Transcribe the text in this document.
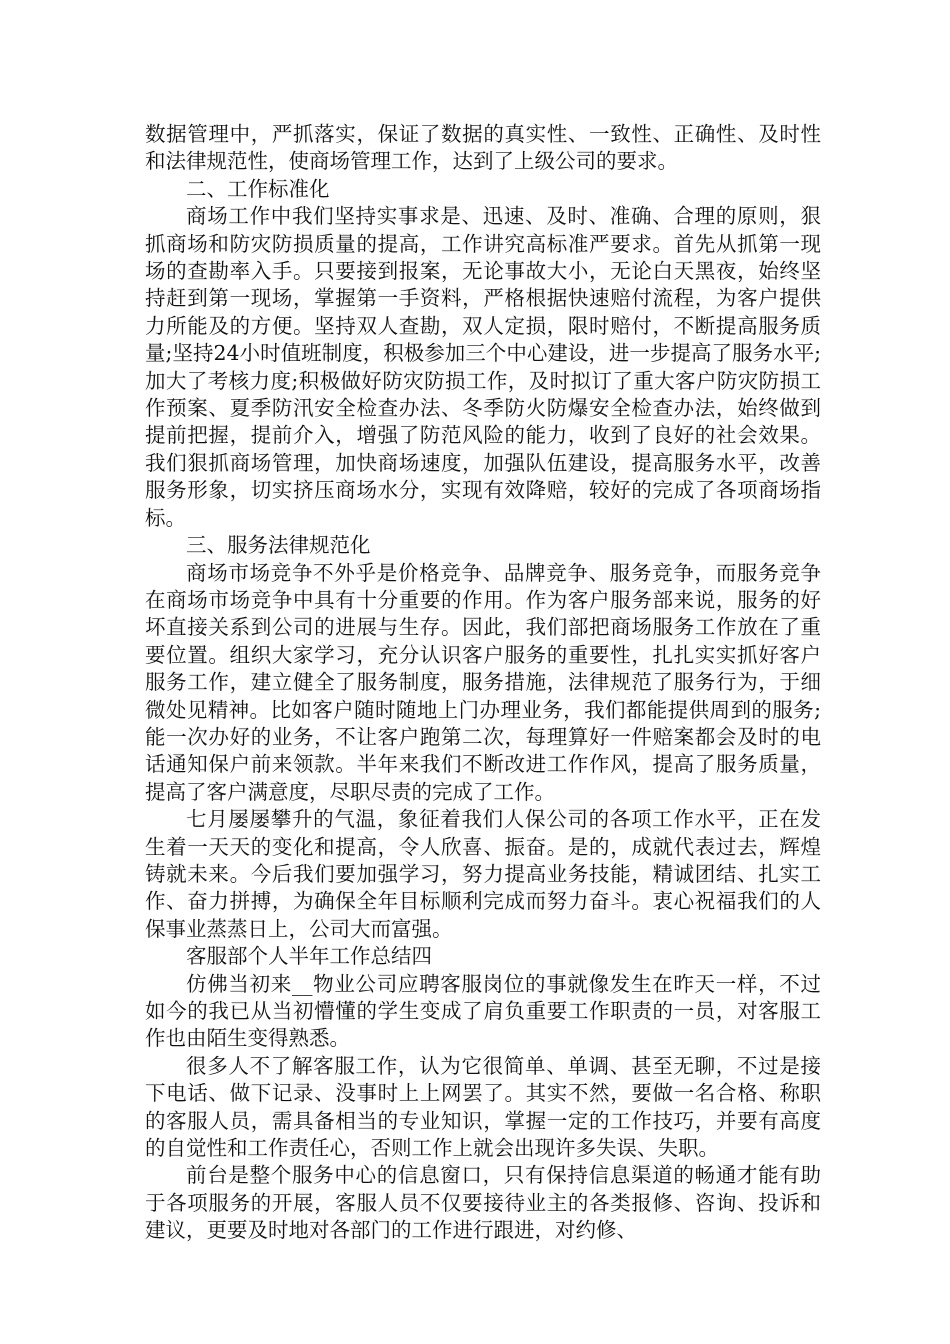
数据管理中，严抓落实，保证了数据的真实性、一致性、正确性、及时性和法律规范性，使商场管理工作，达到了上级公司的要求。

二、工作标准化

商场工作中我们坚持实事求是、迅速、及时、准确、合理的原则，狠抓商场和防灾防损质量的提高，工作讲究高标准严要求。首先从抓第一现场的查勘率入手。只要接到报案，无论事故大小，无论白天黑夜，始终坚持赶到第一现场，掌握第一手资料，严格根据快速赔付流程，为客户提供力所能及的方便。坚持双人查勘，双人定损，限时赔付，不断提高服务质量;坚持24小时值班制度，积极参加三个中心建设，进一步提高了服务水平;加大了考核力度;积极做好防灾防损工作，及时拟订了重大客户防灾防损工作预案、夏季防汛安全检查办法、冬季防火防爆安全检查办法，始终做到提前把握，提前介入，增强了防范风险的能力，收到了良好的社会效果。我们狠抓商场管理，加快商场速度，加强队伍建设，提高服务水平，改善服务形象，切实挤压商场水分，实现有效降赔，较好的完成了各项商场指标。

三、服务法律规范化

商场市场竞争不外乎是价格竞争、品牌竞争、服务竞争，而服务竞争在商场市场竞争中具有十分重要的作用。作为客户服务部来说，服务的好坏直接关系到公司的进展与生存。因此，我们部把商场服务工作放在了重要位置。组织大家学习，充分认识客户服务的重要性，扎扎实实抓好客户服务工作，建立健全了服务制度，服务措施，法律规范了服务行为，于细微处见精神。比如客户随时随地上门办理业务，我们都能提供周到的服务;能一次办好的业务，不让客户跑第二次，每理算好一件赔案都会及时的电话通知保户前来领款。半年来我们不断改进工作作风，提高了服务质量，提高了客户满意度，尽职尽责的完成了工作。

七月屡屡攀升的气温，象征着我们人保公司的各项工作水平，正在发生着一天天的变化和提高，令人欣喜、振奋。是的，成就代表过去，辉煌铸就未来。今后我们要加强学习，努力提高业务技能，精诚团结、扎实工作、奋力拼搏，为确保全年目标顺利完成而努力奋斗。衷心祝福我们的人保事业蒸蒸日上，公司大而富强。

客服部个人半年工作总结四

仿佛当初来__物业公司应聘客服岗位的事就像发生在昨天一样，不过如今的我已从当初懵懂的学生变成了肩负重要工作职责的一员，对客服工作也由陌生变得熟悉。

很多人不了解客服工作，认为它很简单、单调、甚至无聊，不过是接下电话、做下记录、没事时上上网罢了。其实不然，要做一名合格、称职的客服人员，需具备相当的专业知识，掌握一定的工作技巧，并要有高度的自觉性和工作责任心，否则工作上就会出现许多失误、失职。

前台是整个服务中心的信息窗口，只有保持信息渠道的畅通才能有助于各项服务的开展，客服人员不仅要接待业主的各类报修、咨询、投诉和建议，更要及时地对各部门的工作进行跟进，对约修、
